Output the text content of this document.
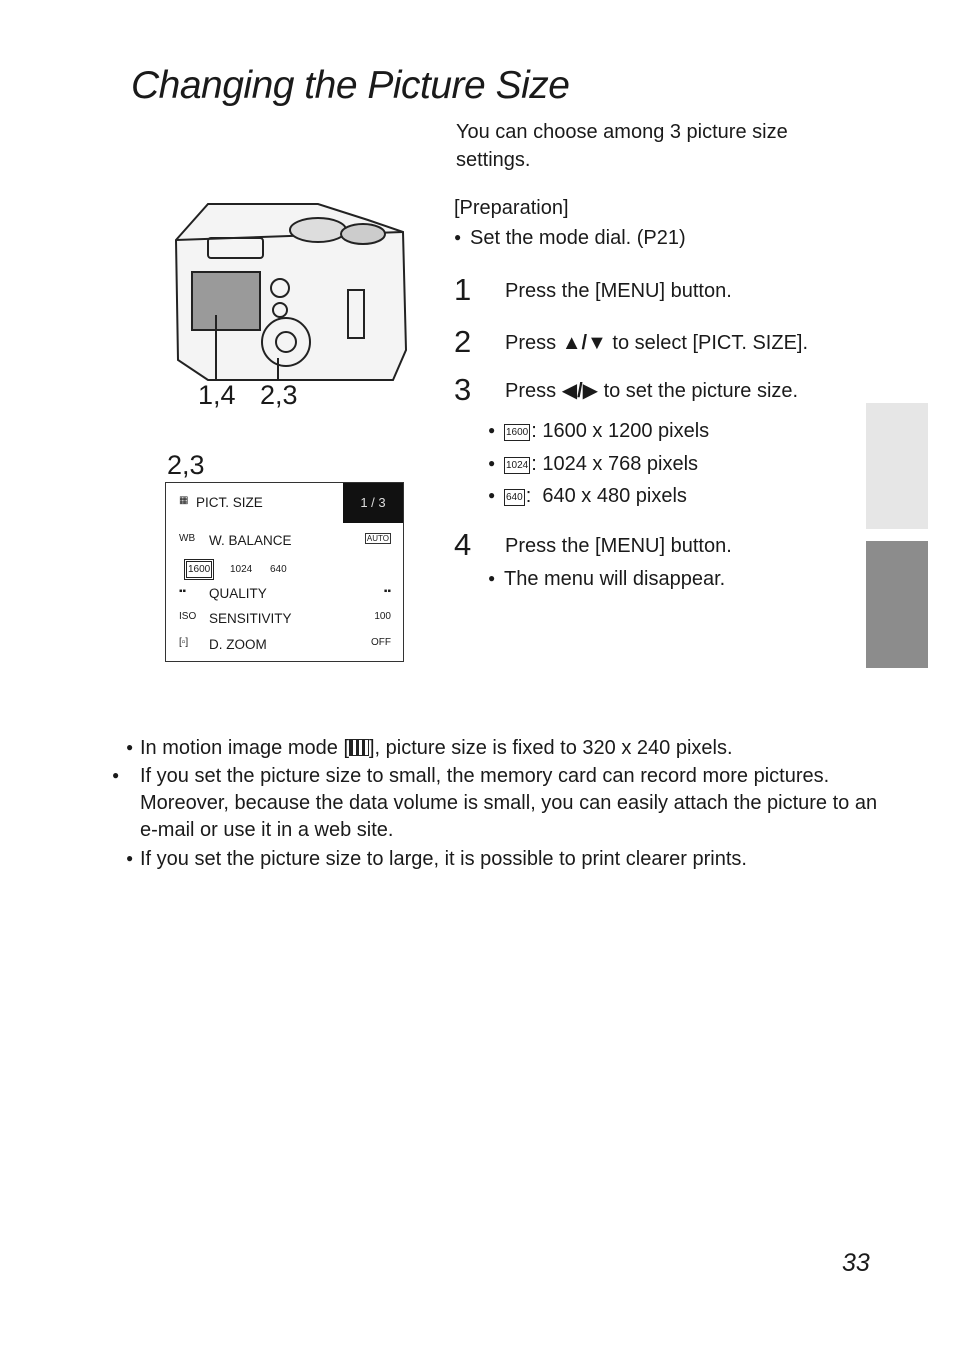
Changing the Picture Size
You can choose among 3 picture size settings.
[Preparation]
● Set the mode dial. (P21)
1,4 2,3
2,3
1 / 3
▦ PICT. SIZE
WB W. BALANCE	AUTO
1600 1024 640
▪▪ QUALITY	▪▪
ISO SENSITIVITY	100
[▫] D. ZOOM	OFF
1 Press the [MENU] button.
2 Press ▲/▼ to select [PICT. SIZE].
3 Press ◀/▶ to set the picture size.
● 1600 : 1600 x 1200 pixels
● 1024 : 1024 x 768 pixels
● 640 :  640 x 480 pixels
4 Press the [MENU] button.
● The menu will disappear.
● In motion image mode [ ], picture size is fixed to 320 x 240 pixels.
● If you set the picture size to small, the memory card can record more pictures. Moreover, because the data volume is small, you can easily attach the picture to an e-mail or use it in a web site.
● If you set the picture size to large, it is possible to print clearer prints.
33
